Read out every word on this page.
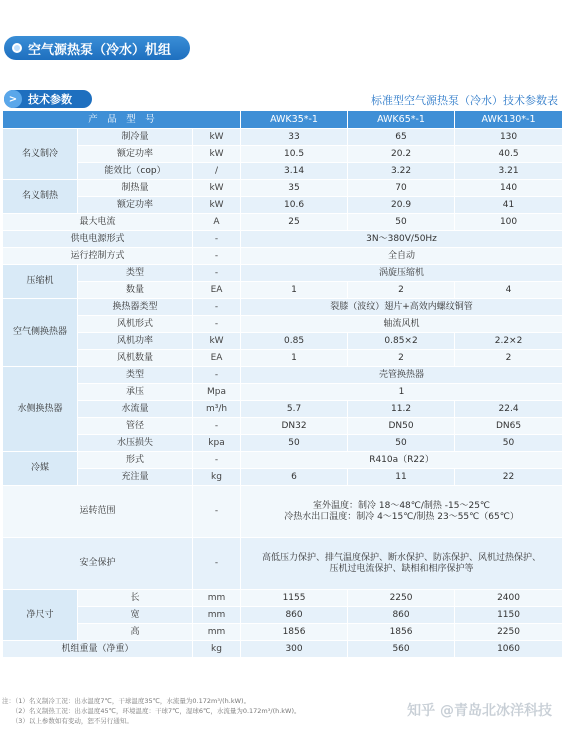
空气源热泵（冷水）机组
> 技术参数	标准型空气源热泵（冷水）技术参数表
产　品　型　号			AWK35*-1	AWK65*-1	AWK130*-1
名义制冷	制冷量	kW	33	65	130
	额定功率	kW	10.5	20.2	40.5
	能效比（cop）	/	3.14	3.22	3.21
名义制热	制热量	kW	35	70	140
	额定功率	kW	10.6	20.9	41
最大电流		A	25	50	100
供电电源形式		-	3N～380V/50Hz		
运行控制方式		-	全自动		
压缩机	类型	-	涡旋压缩机		
	数量	EA	1	2	4
空气侧换热器	换热器类型	-	裂膝（波纹）翅片+高效内螺纹铜管		
	风机形式	-	轴流风机		
	风机功率	kW	0.85	0.85×2	2.2×2
	风机数量	EA	1	2	2
水侧换热器	类型	-	壳管换热器		
	承压	Mpa	1		
	水流量	m³/h	5.7	11.2	22.4
	管径	-	DN32	DN50	DN65
	水压损失	kpa	50	50	50
冷媒	形式	-	R410a（R22）		
	充注量	kg	6	11	22
运转范围		-	室外温度：制冷 18～48℃/制热 -15～25℃
冷热水出口温度：制冷 4～15℃/制热 23～55℃（65℃）		

安全保护		-	高低压力保护、排气温度保护、断水保护、防冻保护、风机过热保护、
压机过电流保护、缺相和相序保护等		

净尺寸	长	mm	1155	2250	2400
	宽	mm	860	860	1150
	高	mm	1856	1856	2250
机组重量（净重）		kg	300	560	1060
注：（1）名义制冷工况：出水温度7℃，干球温度35℃，水流量为0.172m³/(h.kW)。
　　（2）名义制热工况：出水温度45℃，环境温度：干球7℃，湿球6℃，水流量为0.172m³/(h.kW)。
　　（3）以上参数如有变动，恕不另行通知。
知乎 @青岛北冰洋科技
